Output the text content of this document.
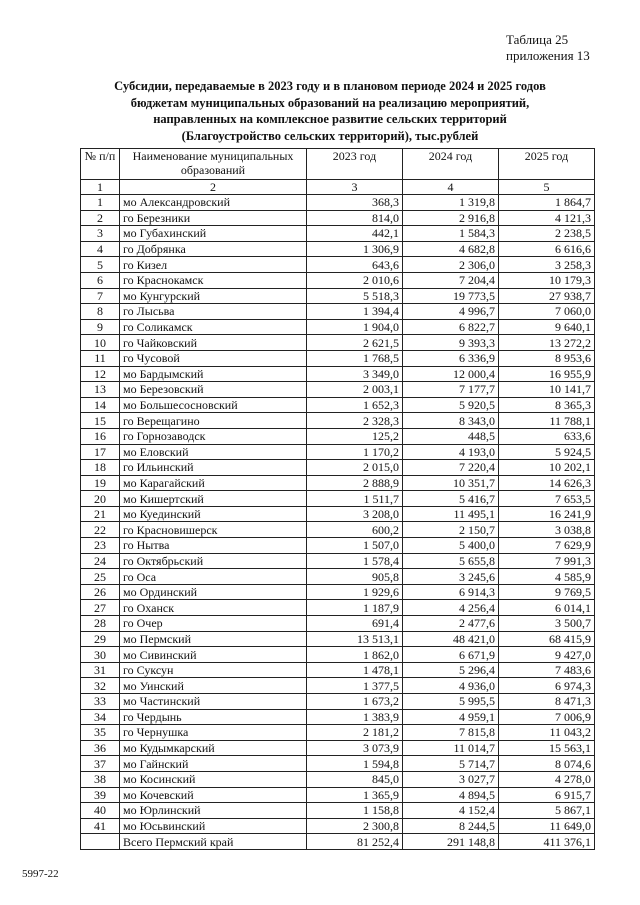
Таблица 25
приложения 13
Субсидии, передаваемые в 2023 году и в плановом периоде 2024 и 2025 годов
бюджетам муниципальных образований на реализацию мероприятий,
направленных на комплексное развитие сельских территорий
(Благоустройство сельских территорий), тыс.рублей
№ п/п	Наименование муниципальных образований	2023 год	2024 год	2025 год
1	2	3	4	5
1	мо Александровский	368,3	1 319,8	1 864,7
2	го Березники	814,0	2 916,8	4 121,3
3	мо Губахинский	442,1	1 584,3	2 238,5
4	го Добрянка	1 306,9	4 682,8	6 616,6
5	го Кизел	643,6	2 306,0	3 258,3
6	го Краснокамск	2 010,6	7 204,4	10 179,3
7	мо Кунгурский	5 518,3	19 773,5	27 938,7
8	го Лысьва	1 394,4	4 996,7	7 060,0
9	го Соликамск	1 904,0	6 822,7	9 640,1
10	го Чайковский	2 621,5	9 393,3	13 272,2
11	го Чусовой	1 768,5	6 336,9	8 953,6
12	мо Бардымский	3 349,0	12 000,4	16 955,9
13	мо Березовский	2 003,1	7 177,7	10 141,7
14	мо Большесосновский	1 652,3	5 920,5	8 365,3
15	го Верещагино	2 328,3	8 343,0	11 788,1
16	го Горнозаводск	125,2	448,5	633,6
17	мо Еловский	1 170,2	4 193,0	5 924,5
18	го Ильинский	2 015,0	7 220,4	10 202,1
19	мо Карагайский	2 888,9	10 351,7	14 626,3
20	мо Кишертский	1 511,7	5 416,7	7 653,5
21	мо Куединский	3 208,0	11 495,1	16 241,9
22	го Красновишерск	600,2	2 150,7	3 038,8
23	го Нытва	1 507,0	5 400,0	7 629,9
24	го Октябрьский	1 578,4	5 655,8	7 991,3
25	го Оса	905,8	3 245,6	4 585,9
26	мо Ординский	1 929,6	6 914,3	9 769,5
27	го Оханск	1 187,9	4 256,4	6 014,1
28	го Очер	691,4	2 477,6	3 500,7
29	мо Пермский	13 513,1	48 421,0	68 415,9
30	мо Сивинский	1 862,0	6 671,9	9 427,0
31	го Суксун	1 478,1	5 296,4	7 483,6
32	мо Уинский	1 377,5	4 936,0	6 974,3
33	мо Частинский	1 673,2	5 995,5	8 471,3
34	го Чердынь	1 383,9	4 959,1	7 006,9
35	го Чернушка	2 181,2	7 815,8	11 043,2
36	мо Кудымкарский	3 073,9	11 014,7	15 563,1
37	мо Гайнский	1 594,8	5 714,7	8 074,6
38	мо Косинский	845,0	3 027,7	4 278,0
39	мо Кочевский	1 365,9	4 894,5	6 915,7
40	мо Юрлинский	1 158,8	4 152,4	5 867,1
41	мо Юсьвинский	2 300,8	8 244,5	11 649,0
	Всего Пермский край	81 252,4	291 148,8	411 376,1
5997-22
